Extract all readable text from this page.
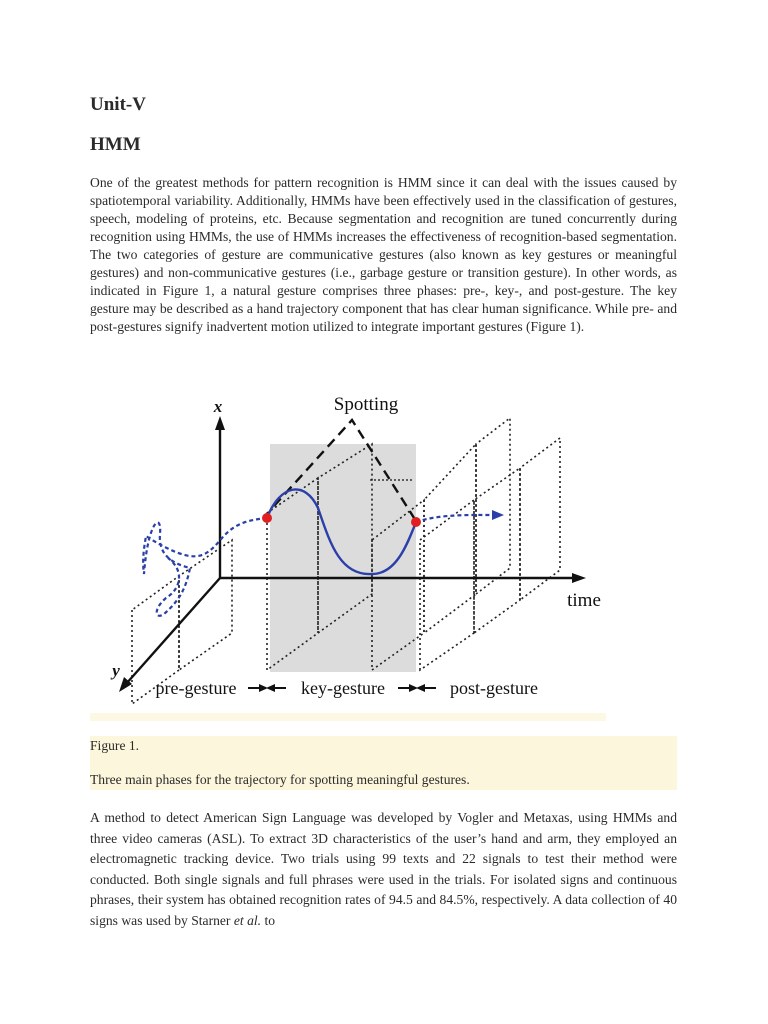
Unit-V
HMM

One of the greatest methods for pattern recognition is HMM since it can deal with the issues caused by spatiotemporal variability. Additionally, HMMs have been effectively used in the classification of gestures, speech, modeling of proteins, etc. Because segmentation and recognition are tuned concurrently during recognition using HMMs, the use of HMMs increases the effectiveness of recognition-based segmentation. The two categories of gesture are communicative gestures (also known as key gestures or meaningful gestures) and non-communicative gestures (i.e., garbage gesture or transition gesture). In other words, as indicated in Figure 1, a natural gesture comprises three phases: pre-, key-, and post-gesture. The key gesture may be described as a hand trajectory component that has clear human significance. While pre- and post-gestures signify inadvertent motion utilized to integrate important gestures (Figure 1).

x
y
time
Spotting
pre-gesture	key-gesture	post-gesture

Figure 1.

Three main phases for the trajectory for spotting meaningful gestures.

A method to detect American Sign Language was developed by Vogler and Metaxas, using HMMs and three video cameras (ASL). To extract 3D characteristics of the user’s hand and arm, they employed an electromagnetic tracking device. Two trials using 99 texts and 22 signals to test their method were conducted. Both single signals and full phrases were used in the trials. For isolated signs and continuous phrases, their system has obtained recognition rates of 94.5 and 84.5%, respectively. A data collection of 40 signs was used by Starner et al. to
